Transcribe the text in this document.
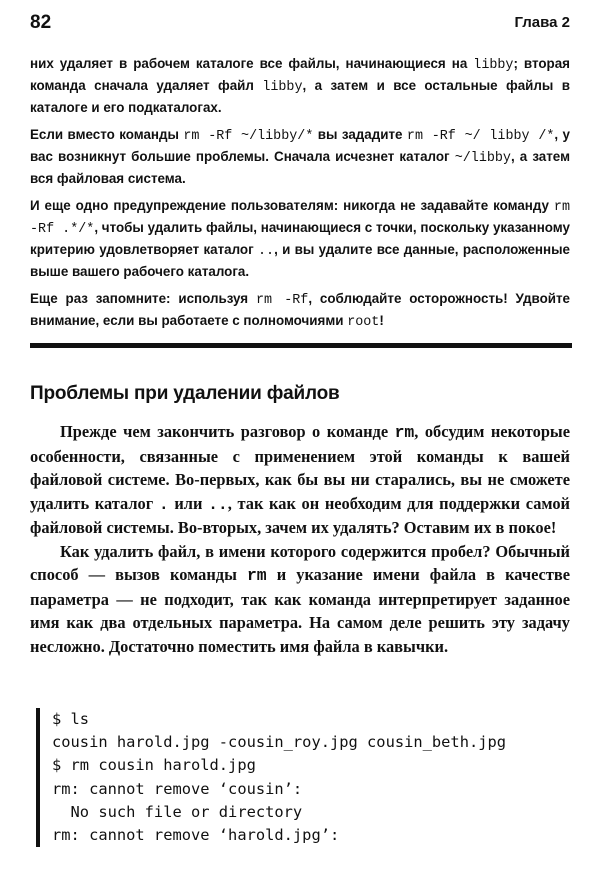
82	Глава 2

них удаляет в рабочем каталоге все файлы, начинающиеся на libby; вторая команда сначала удаляет файл libby, а затем и все остальные файлы в каталоге и его подкаталогах.

Если вместо команды rm -Rf ~/libby/* вы зададите rm -Rf ~/ libby /*, у вас возникнут большие проблемы. Сначала исчезнет каталог ~/libby, а затем вся файловая система.

И еще одно предупреждение пользователям: никогда не задавайте команду rm -Rf .*/*, чтобы удалить файлы, начинающиеся с точки, поскольку указанному критерию удовлетворяет каталог .., и вы удалите все данные, расположенные выше вашего рабочего каталога.

Еще раз запомните: используя rm -Rf, соблюдайте осторожность! Удвойте внимание, если вы работаете с полномочиями root!

Проблемы при удалении файлов

Прежде чем закончить разговор о команде rm, обсудим некоторые особенности, связанные с применением этой команды к вашей файловой системе. Во-первых, как бы вы ни старались, вы не сможете удалить каталог . или .., так как он необходим для поддержки самой файловой системы. Во-вторых, зачем их удалять? Оставим их в покое!

Как удалить файл, в имени которого содержится пробел? Обычный способ — вызов команды rm и указание имени файла в качестве параметра — не подходит, так как команда интерпретирует заданное имя как два отдельных параметра. На самом деле решить эту задачу несложно. Достаточно поместить имя файла в кавычки.

$ ls
cousin harold.jpg -cousin_roy.jpg cousin_beth.jpg
$ rm cousin harold.jpg
rm: cannot remove ‘cousin’:
No such file or directory
rm: cannot remove ‘harold.jpg’:
